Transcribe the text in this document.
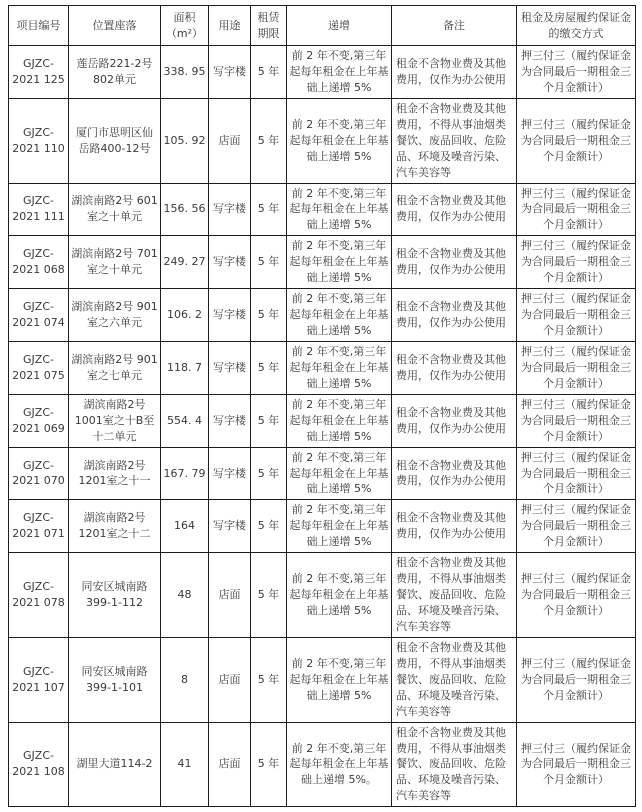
项目编号	位置座落	面积（m²）	用途	租赁期限	递增	备注	租金及房屋履约保证金的缴交方式
GJZC-2021 125	莲岳路221-2号 802单元	338. 95	写字楼	5 年	前 2 年不变,第三年起每年租金在上年基础上递增 5%	租金不含物业费及其他费用，仅作为办公使用	押三付三（履约保证金为合同最后一期租金三个月金额计）
GJZC-2021 110	厦门市思明区仙岳路400-12号	105. 92	店面	5 年	前 2 年不变,第三年起每年租金在上年基础上递增 5%	租金不含物业费及其他费用，不得从事油烟类餐饮、废品回收、危险品、环境及噪音污染、汽车美容等	押三付三（履约保证金为合同最后一期租金三个月金额计）
GJZC-2021 111	湖滨南路2号 601室之十单元	156. 56	写字楼	5 年	前 2 年不变,第三年起每年租金在上年基础上递增 5%	租金不含物业费及其他费用，仅作为办公使用	押三付三（履约保证金为合同最后一期租金三个月金额计）
GJZC-2021 068	湖滨南路2号 701室之十单元	249. 27	写字楼	5 年	前 2 年不变,第三年起每年租金在上年基础上递增 5%	租金不含物业费及其他费用，仅作为办公使用	押三付三（履约保证金为合同最后一期租金三个月金额计）
GJZC-2021 074	湖滨南路2号 901室之六单元	106. 2	写字楼	5 年	前 2 年不变,第三年起每年租金在上年基础上递增 5%	租金不含物业费及其他费用，仅作为办公使用	押三付三（履约保证金为合同最后一期租金三个月金额计）
GJZC-2021 075	湖滨南路2号 901室之七单元	118. 7	写字楼	5 年	前 2 年不变,第三年起每年租金在上年基础上递增 5%	租金不含物业费及其他费用，仅作为办公使用	押三付三（履约保证金为合同最后一期租金三个月金额计）
GJZC-2021 069	湖滨南路2号 1001室之十B至十二单元	554. 4	写字楼	5 年	前 2 年不变,第三年起每年租金在上年基础上递增 5%	租金不含物业费及其他费用，仅作为办公使用	押三付三（履约保证金为合同最后一期租金三个月金额计）
GJZC-2021 070	湖滨南路2号 1201室之十一	167. 79	写字楼	5 年	前 2 年不变,第三年起每年租金在上年基础上递增 5%	租金不含物业费及其他费用，仅作为办公使用	押三付三（履约保证金为合同最后一期租金三个月金额计）
GJZC-2021 071	湖滨南路2号 1201室之十二	164	写字楼	5 年	前 2 年不变,第三年起每年租金在上年基础上递增 5%	租金不含物业费及其他费用，仅作为办公使用	押三付三（履约保证金为合同最后一期租金三个月金额计）
GJZC-2021 078	同安区城南路 399-1-112	48	店面	5 年	前 2 年不变,第三年起每年租金在上年基础上递增 5%	租金不含物业费及其他费用，不得从事油烟类餐饮、废品回收、危险品、环境及噪音污染、汽车美容等	押三付三（履约保证金为合同最后一期租金三个月金额计）
GJZC-2021 107	同安区城南路 399-1-101	8	店面	5 年	前 2 年不变,第三年起每年租金在上年基础上递增 5%	租金不含物业费及其他费用，不得从事油烟类餐饮、废品回收、危险品、环境及噪音污染、汽车美容等	押三付三（履约保证金为合同最后一期租金三个月金额计）
GJZC-2021 108	湖里大道114-2	41	店面	5 年	前 2 年不变,第三年起每年租金在上年基础上递增 5%。	租金不含物业费及其他费用，不得从事油烟类餐饮、废品回收、危险品、环境及噪音污染、汽车美容等	押三付三（履约保证金为合同最后一期租金三个月金额计）
